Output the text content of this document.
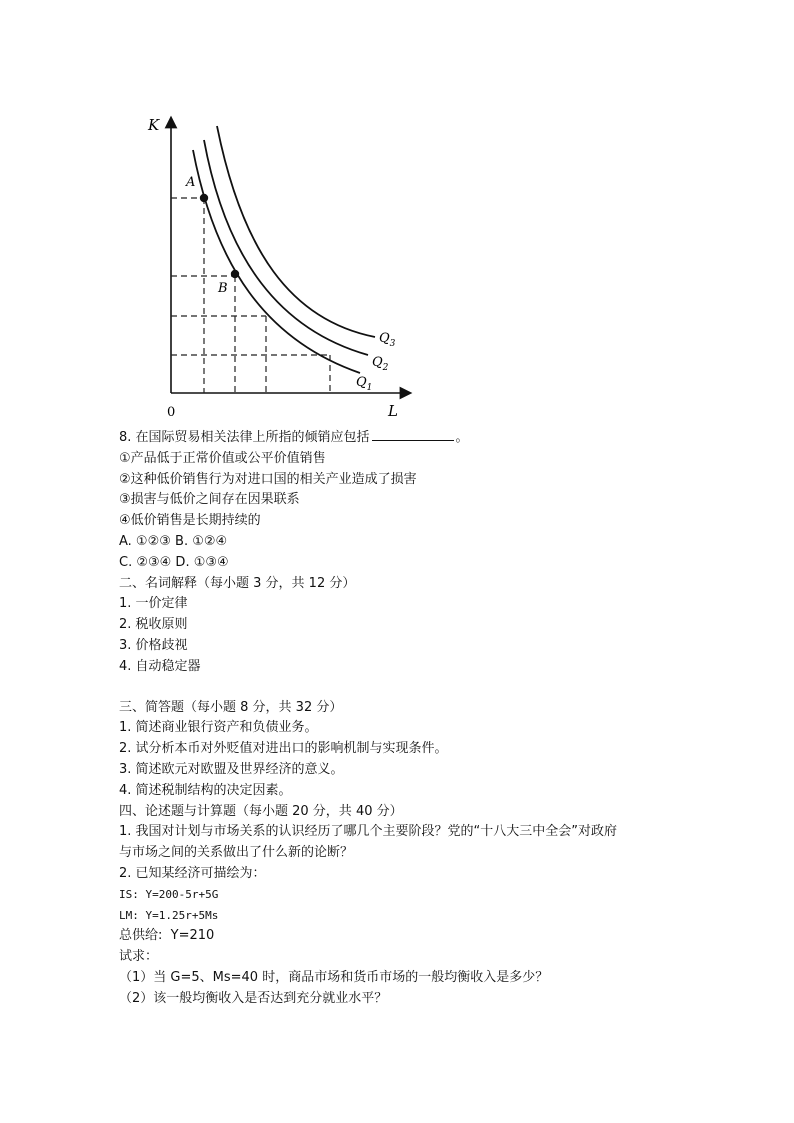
K
L
0
A
B
$Q_1$
$Q_2$
$Q_3$
8. 在国际贸易相关法律上所指的倾销应包括	。
①产品低于正常价值或公平价值销售
②这种低价销售行为对进口国的相关产业造成了损害
③损害与低价之间存在因果联系
④低价销售是长期持续的
A. ①②③ B. ①②④
C. ②③④ D. ①③④
二、名词解释（每小题 3 分，共 12 分）
1. 一价定律
2. 税收原则
3. 价格歧视
4. 自动稳定器
三、简答题（每小题 8 分，共 32 分）
1. 简述商业银行资产和负债业务。
2. 试分析本币对外贬值对进出口的影响机制与实现条件。
3. 简述欧元对欧盟及世界经济的意义。
4. 简述税制结构的决定因素。
四、论述题与计算题（每小题 20 分，共 40 分）
1. 我国对计划与市场关系的认识经历了哪几个主要阶段？党的“十八大三中全会”对政府
与市场之间的关系做出了什么新的论断？
2. 已知某经济可描绘为：
IS: Y=200-5r+5G
LM: Y=1.25r+5Ms
总供给:  Y=210
试求：
（1）当 G=5、Ms=40 时，商品市场和货币市场的一般均衡收入是多少？
（2）该一般均衡收入是否达到充分就业水平？
